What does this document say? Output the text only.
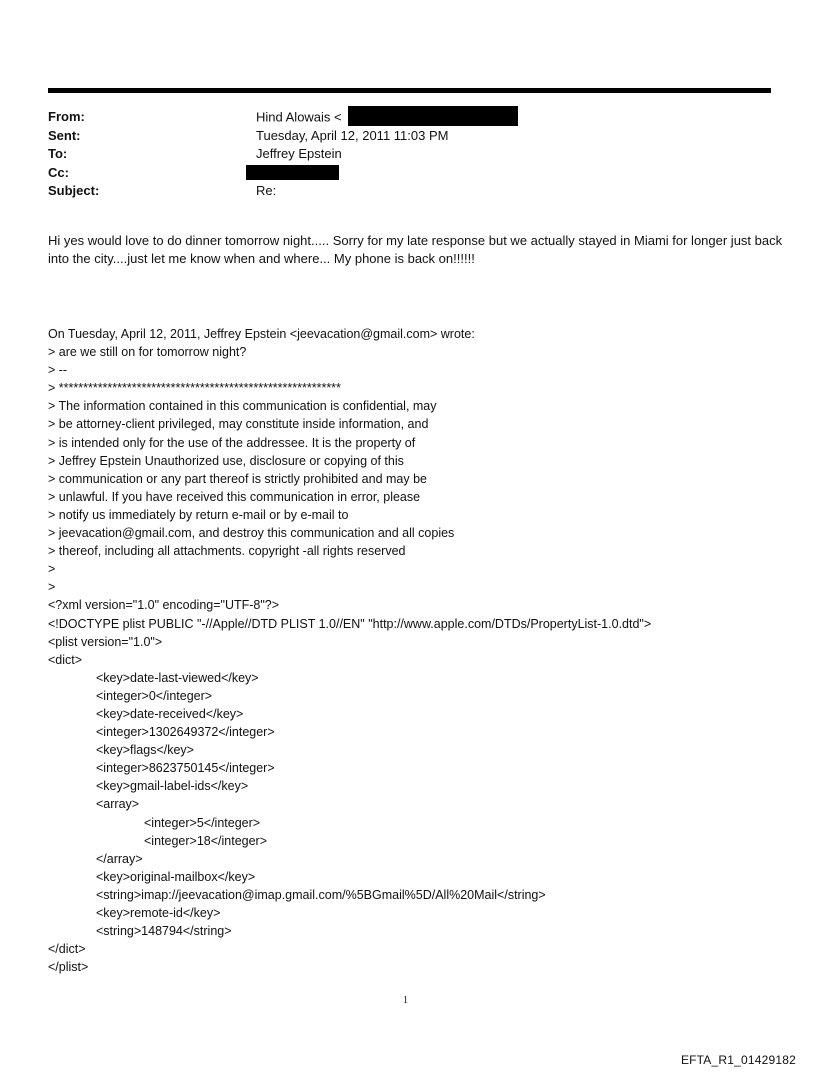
From:	Hind Alowais <
Sent:	Tuesday, April 12, 2011 11:03 PM
To:	Jeffrey Epstein
Cc:
Subject:	Re:
Hi yes would love to do dinner tomorrow night..... Sorry for my late response but we actually stayed in Miami for longer just back into the city....just let me know when and where... My phone is back on!!!!!!
On Tuesday, April 12, 2011, Jeffrey Epstein <jeevacation@gmail.com> wrote:
> are we still on for tomorrow night?
> --
> **********************************************************
> The information contained in this communication is confidential, may
> be attorney-client privileged, may constitute inside information, and
> is intended only for the use of the addressee. It is the property of
> Jeffrey Epstein Unauthorized use, disclosure or copying of this
> communication or any part thereof is strictly prohibited and may be
> unlawful. If you have received this communication in error, please
> notify us immediately by return e-mail or by e-mail to
> jeevacation@gmail.com, and destroy this communication and all copies
> thereof, including all attachments. copyright -all rights reserved
>
>
<?xml version="1.0" encoding="UTF-8"?>
<!DOCTYPE plist PUBLIC "-//Apple//DTD PLIST 1.0//EN" "http://www.apple.com/DTDs/PropertyList-1.0.dtd">
<plist version="1.0">
<dict>
<key>date-last-viewed</key>
<integer>0</integer>
<key>date-received</key>
<integer>1302649372</integer>
<key>flags</key>
<integer>8623750145</integer>
<key>gmail-label-ids</key>
<array>
<integer>5</integer>
<integer>18</integer>
</array>
<key>original-mailbox</key>
<string>imap://jeevacation@imap.gmail.com/%5BGmail%5D/All%20Mail</string>
<key>remote-id</key>
<string>148794</string>
</dict>
</plist>
1
EFTA_R1_01429182
